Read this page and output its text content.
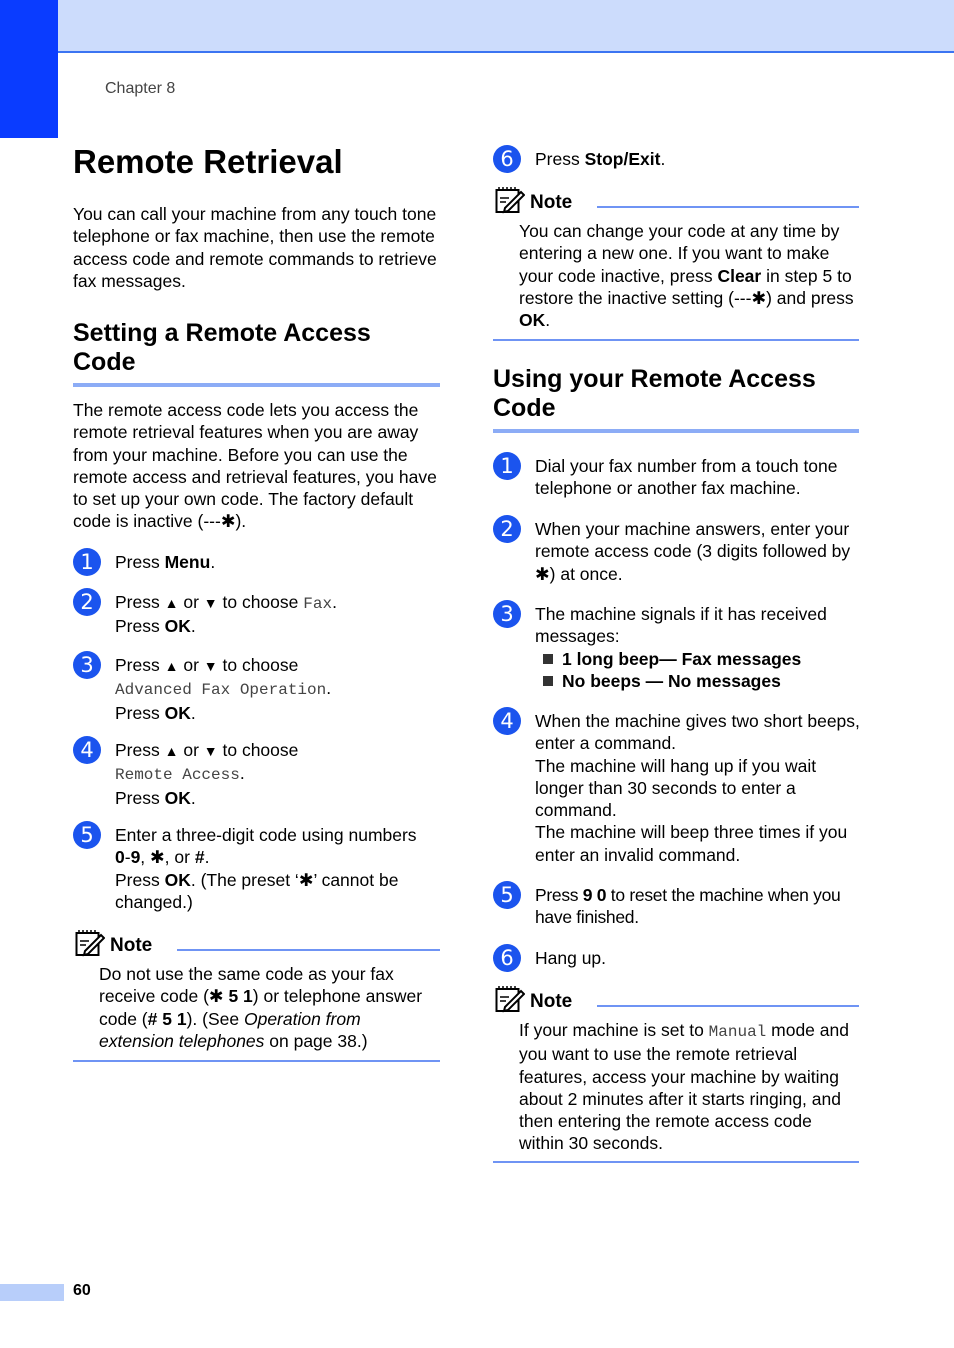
Chapter 8
Remote Retrieval

You can call your machine from any touch tone telephone or fax machine, then use the remote access code and remote commands to retrieve fax messages.

Setting a Remote Access Code

The remote access code lets you access the remote retrieval features when you are away from your machine. Before you can use the remote access and retrieval features, you have to set up your own code. The factory default code is inactive (---✱).

1	Press Menu.
2	Press ▲ or ▼ to choose Fax.
Press OK.
3	Press ▲ or ▼ to choose
Advanced Fax Operation.
Press OK.
4	Press ▲ or ▼ to choose
Remote Access.
Press OK.
5	Enter a three-digit code using numbers
0-9, ✱, or #.
Press OK. (The preset ‘✱’ cannot be changed.)
Note
Do not use the same code as your fax receive code (✱ 5 1) or telephone answer code (# 5 1). (See Operation from extension telephones on page 38.)
6	Press Stop/Exit.
Note
You can change your code at any time by entering a new one. If you want to make your code inactive, press Clear in step 5 to restore the inactive setting (---✱) and press OK.
Using your Remote Access Code
1	Dial your fax number from a touch tone telephone or another fax machine.
2	When your machine answers, enter your remote access code (3 digits followed by ✱) at once.
3	The machine signals if it has received messages:
1 long beep— Fax messages
No beeps — No messages
4	When the machine gives two short beeps, enter a command.
The machine will hang up if you wait longer than 30 seconds to enter a command.
The machine will beep three times if you enter an invalid command.
5	Press 9 0 to reset the machine when you have finished.
6	Hang up.
Note
If your machine is set to Manual mode and you want to use the remote retrieval features, access your machine by waiting about 2 minutes after it starts ringing, and then entering the remote access code within 30 seconds.
60
